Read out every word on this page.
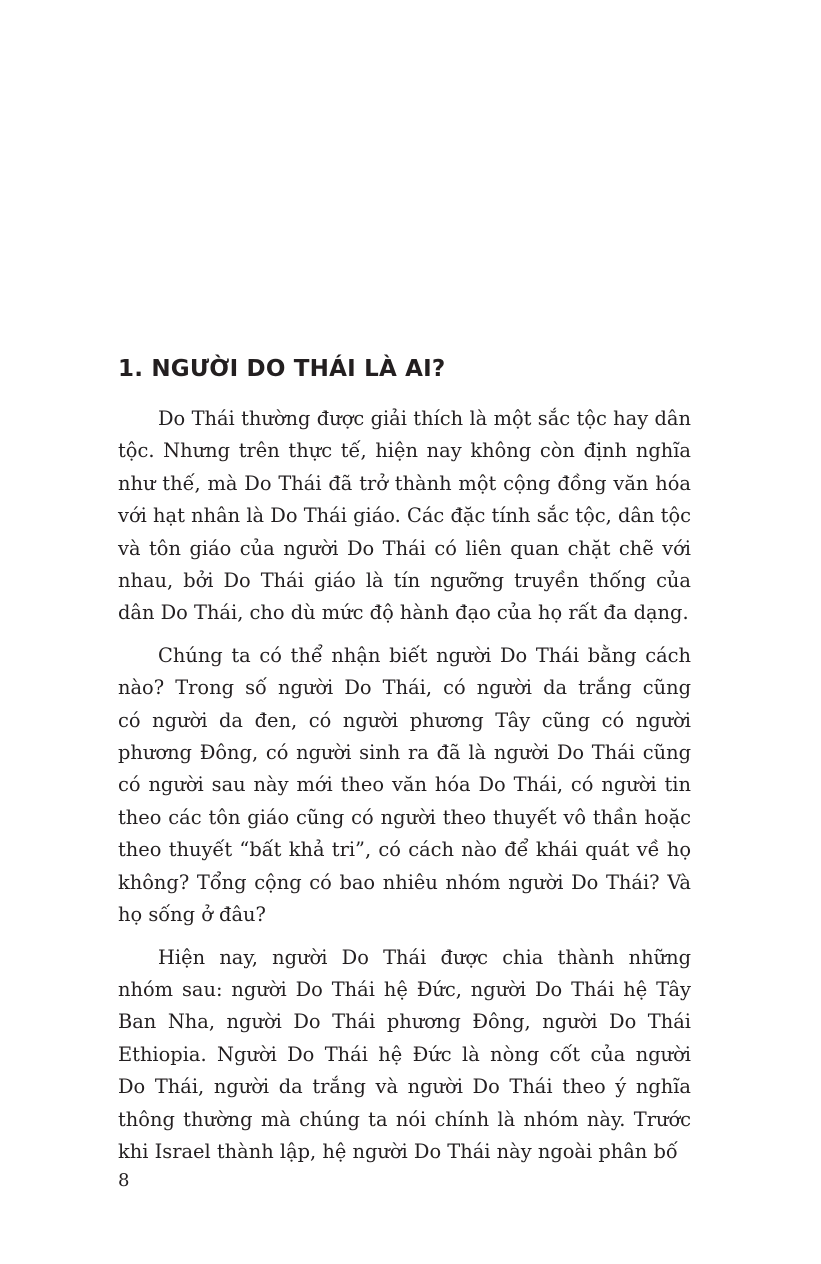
1. NGƯỜI DO THÁI LÀ AI?

Do Thái thường được giải thích là một sắc tộc hay dân
tộc. Nhưng trên thực tế, hiện nay không còn định nghĩa
như thế, mà Do Thái đã trở thành một cộng đồng văn hóa
với hạt nhân là Do Thái giáo. Các đặc tính sắc tộc, dân tộc
và tôn giáo của người Do Thái có liên quan chặt chẽ với
nhau, bởi Do Thái giáo là tín ngưỡng truyền thống của
dân Do Thái, cho dù mức độ hành đạo của họ rất đa dạng.

Chúng ta có thể nhận biết người Do Thái bằng cách
nào? Trong số người Do Thái, có người da trắng cũng
có người da đen, có người phương Tây cũng có người
phương Đông, có người sinh ra đã là người Do Thái cũng
có người sau này mới theo văn hóa Do Thái, có người tin
theo các tôn giáo cũng có người theo thuyết vô thần hoặc
theo thuyết “bất khả tri”, có cách nào để khái quát về họ
không? Tổng cộng có bao nhiêu nhóm người Do Thái? Và
họ sống ở đâu?

Hiện nay, người Do Thái được chia thành những
nhóm sau: người Do Thái hệ Đức, người Do Thái hệ Tây
Ban Nha, người Do Thái phương Đông, người Do Thái
Ethiopia. Người Do Thái hệ Đức là nòng cốt của người
Do Thái, người da trắng và người Do Thái theo ý nghĩa
thông thường mà chúng ta nói chính là nhóm này. Trước
khi Israel thành lập, hệ người Do Thái này ngoài phân bố

8
